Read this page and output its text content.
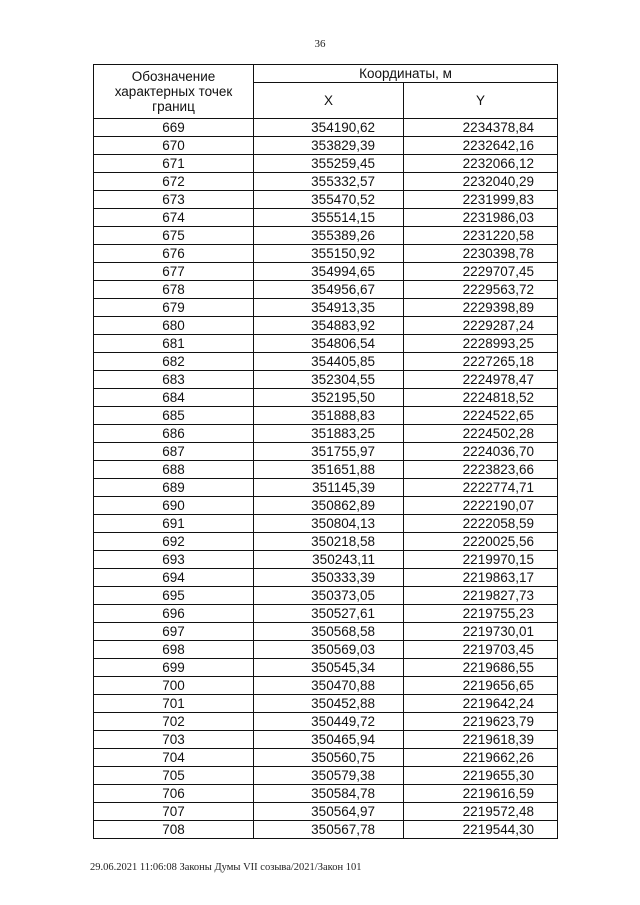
36
Обозначение
характерных точек
границ	Координаты, м	
	X	Y
669	354190,62	2234378,84
670	353829,39	2232642,16
671	355259,45	2232066,12
672	355332,57	2232040,29
673	355470,52	2231999,83
674	355514,15	2231986,03
675	355389,26	2231220,58
676	355150,92	2230398,78
677	354994,65	2229707,45
678	354956,67	2229563,72
679	354913,35	2229398,89
680	354883,92	2229287,24
681	354806,54	2228993,25
682	354405,85	2227265,18
683	352304,55	2224978,47
684	352195,50	2224818,52
685	351888,83	2224522,65
686	351883,25	2224502,28
687	351755,97	2224036,70
688	351651,88	2223823,66
689	351145,39	2222774,71
690	350862,89	2222190,07
691	350804,13	2222058,59
692	350218,58	2220025,56
693	350243,11	2219970,15
694	350333,39	2219863,17
695	350373,05	2219827,73
696	350527,61	2219755,23
697	350568,58	2219730,01
698	350569,03	2219703,45
699	350545,34	2219686,55
700	350470,88	2219656,65
701	350452,88	2219642,24
702	350449,72	2219623,79
703	350465,94	2219618,39
704	350560,75	2219662,26
705	350579,38	2219655,30
706	350584,78	2219616,59
707	350564,97	2219572,48
708	350567,78	2219544,30
29.06.2021 11:06:08 Законы Думы VII созыва/2021/Закон 101
